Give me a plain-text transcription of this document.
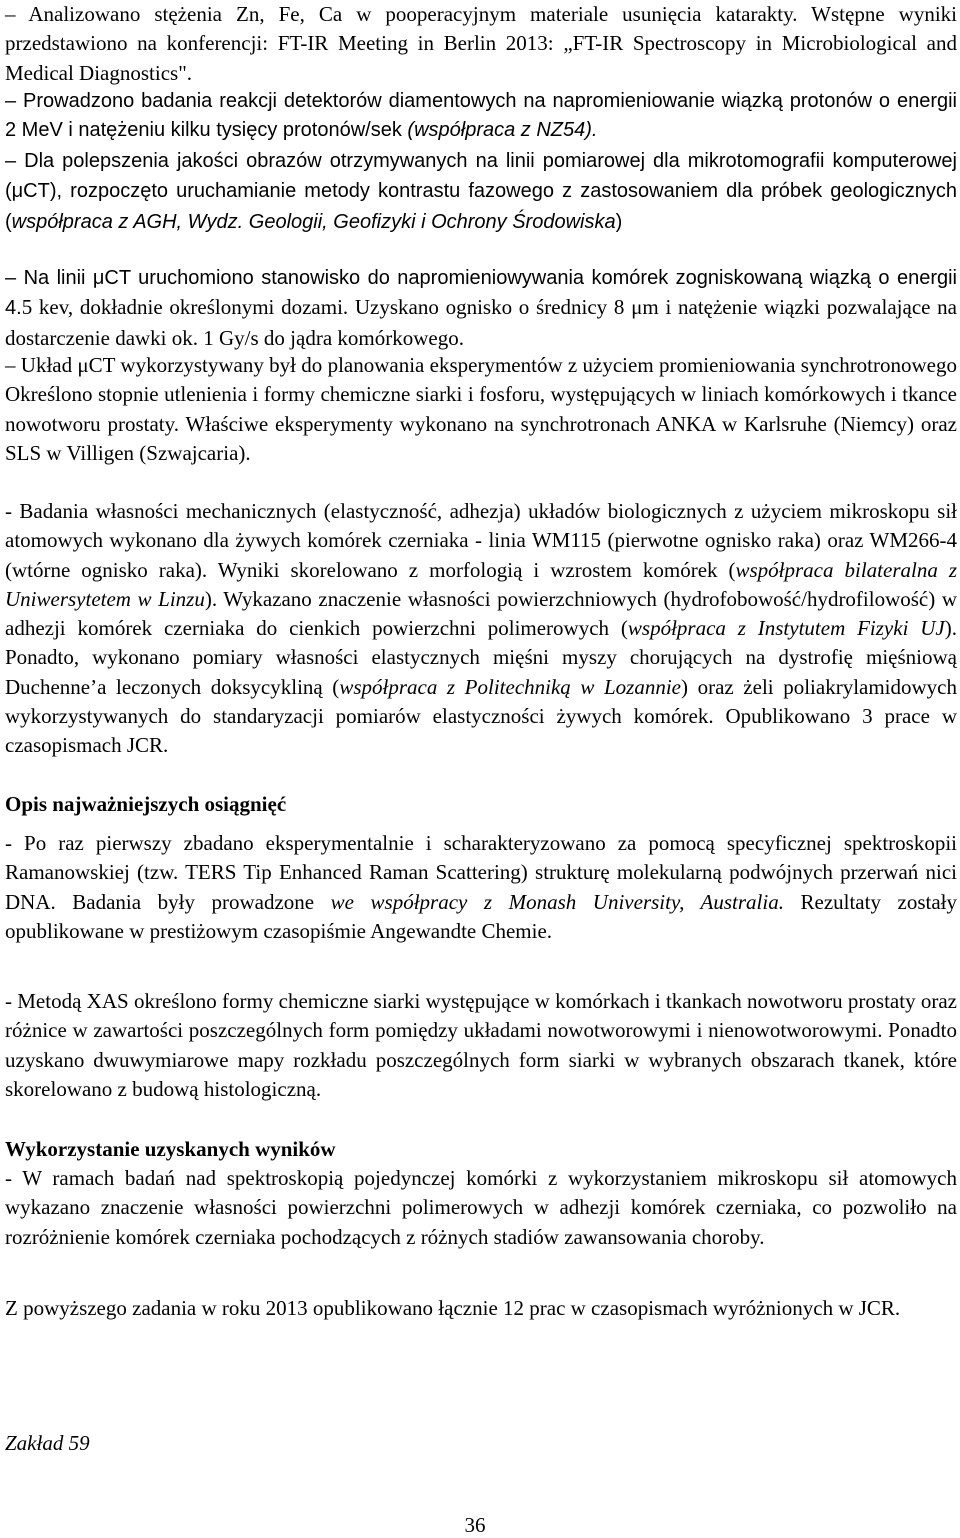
– Analizowano stężenia Zn, Fe, Ca w pooperacyjnym materiale usunięcia katarakty. Wstępne wyniki przedstawiono na konferencji: FT-IR Meeting in Berlin 2013: „FT-IR Spectroscopy in Microbiological and Medical Diagnostics".

– Prowadzono badania reakcji detektorów diamentowych na napromieniowanie wiązką protonów o energii 2 MeV i natężeniu kilku tysięcy protonów/sek (współpraca z NZ54).

– Dla polepszenia jakości obrazów otrzymywanych na linii pomiarowej dla mikrotomografii komputerowej (μCT), rozpoczęto uruchamianie metody kontrastu fazowego z zastosowaniem dla próbek geologicznych (współpraca z AGH, Wydz. Geologii, Geofizyki i Ochrony Środowiska)

– Na linii μCT uruchomiono stanowisko do napromieniowywania komórek zogniskowaną wiązką o energii 4.5 kev, dokładnie określonymi dozami. Uzyskano ognisko o średnicy 8 μm i natężenie wiązki pozwalające na dostarczenie dawki ok. 1 Gy/s do jądra komórkowego.

– Układ μCT wykorzystywany był do planowania eksperymentów z użyciem promieniowania synchrotronowego Określono stopnie utlenienia i formy chemiczne siarki i fosforu, występujących w liniach komórkowych i tkance nowotworu prostaty. Właściwe eksperymenty wykonano na synchrotronach ANKA w Karlsruhe (Niemcy) oraz SLS w Villigen (Szwajcaria).

- Badania własności mechanicznych (elastyczność, adhezja) układów biologicznych z użyciem mikroskopu sił atomowych wykonano dla żywych komórek czerniaka - linia WM115 (pierwotne ognisko raka) oraz WM266-4 (wtórne ognisko raka). Wyniki skorelowano z morfologią i wzrostem komórek (współpraca bilateralna z Uniwersytetem w Linzu). Wykazano znaczenie własności powierzchniowych (hydrofobowość/hydrofilowość) w adhezji komórek czerniaka do cienkich powierzchni polimerowych (współpraca z Instytutem Fizyki UJ). Ponadto, wykonano pomiary własności elastycznych mięśni myszy chorujących na dystrofię mięśniową Duchenne’a leczonych doksycykliną (współpraca z Politechniką w Lozannie) oraz żeli poliakrylamidowych wykorzystywanych do standaryzacji pomiarów elastyczności żywych komórek. Opublikowano 3 prace w czasopismach JCR.

Opis najważniejszych osiągnięć

- Po raz pierwszy zbadano eksperymentalnie i scharakteryzowano za pomocą specyficznej spektroskopii Ramanowskiej (tzw. TERS Tip Enhanced Raman Scattering) strukturę molekularną podwójnych przerwań nici DNA. Badania były prowadzone we współpracy z Monash University, Australia. Rezultaty zostały opublikowane w prestiżowym czasopiśmie Angewandte Chemie.

- Metodą XAS określono formy chemiczne siarki występujące w komórkach i tkankach nowotworu prostaty oraz różnice w zawartości poszczególnych form pomiędzy układami nowotworowymi i nienowotworowymi. Ponadto uzyskano dwuwymiarowe mapy rozkładu poszczególnych form siarki w wybranych obszarach tkanek, które skorelowano z budową histologiczną.

Wykorzystanie uzyskanych wyników

- W ramach badań nad spektroskopią pojedynczej komórki z wykorzystaniem mikroskopu sił atomowych wykazano znaczenie własności powierzchni polimerowych w adhezji komórek czerniaka, co pozwoliło na rozróżnienie komórek czerniaka pochodzących z różnych stadiów zawansowania choroby.

Z powyższego zadania w roku 2013 opublikowano łącznie 12 prac w czasopismach wyróżnionych w JCR.

Zakład 59
36
